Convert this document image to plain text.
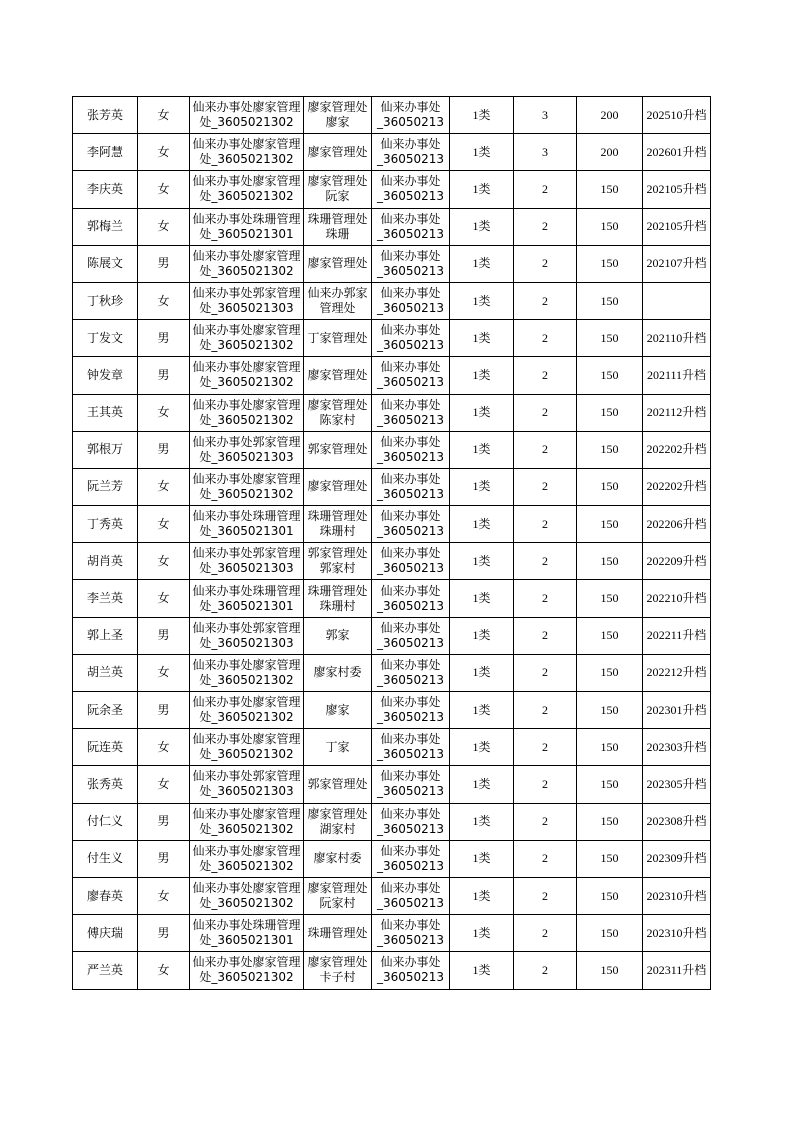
张芳英	女	仙来办事处廖家管理处_3605021302	廖家管理处廖家	仙来办事处_36050213	1类	3	200	202510升档
李阿慧	女	仙来办事处廖家管理处_3605021302	廖家管理处	仙来办事处_36050213	1类	3	200	202601升档
李庆英	女	仙来办事处廖家管理处_3605021302	廖家管理处阮家	仙来办事处_36050213	1类	2	150	202105升档
郭梅兰	女	仙来办事处珠珊管理处_3605021301	珠珊管理处珠珊	仙来办事处_36050213	1类	2	150	202105升档
陈展文	男	仙来办事处廖家管理处_3605021302	廖家管理处	仙来办事处_36050213	1类	2	150	202107升档
丁秋珍	女	仙来办事处郭家管理处_3605021303	仙来办郭家管理处	仙来办事处_36050213	1类	2	150	
丁发文	男	仙来办事处廖家管理处_3605021302	丁家管理处	仙来办事处_36050213	1类	2	150	202110升档
钟发章	男	仙来办事处廖家管理处_3605021302	廖家管理处	仙来办事处_36050213	1类	2	150	202111升档
王其英	女	仙来办事处廖家管理处_3605021302	廖家管理处陈家村	仙来办事处_36050213	1类	2	150	202112升档
郭根万	男	仙来办事处郭家管理处_3605021303	郭家管理处	仙来办事处_36050213	1类	2	150	202202升档
阮兰芳	女	仙来办事处廖家管理处_3605021302	廖家管理处	仙来办事处_36050213	1类	2	150	202202升档
丁秀英	女	仙来办事处珠珊管理处_3605021301	珠珊管理处珠珊村	仙来办事处_36050213	1类	2	150	202206升档
胡肖英	女	仙来办事处郭家管理处_3605021303	郭家管理处郭家村	仙来办事处_36050213	1类	2	150	202209升档
李兰英	女	仙来办事处珠珊管理处_3605021301	珠珊管理处珠珊村	仙来办事处_36050213	1类	2	150	202210升档
郭上圣	男	仙来办事处郭家管理处_3605021303	郭家	仙来办事处_36050213	1类	2	150	202211升档
胡兰英	女	仙来办事处廖家管理处_3605021302	廖家村委	仙来办事处_36050213	1类	2	150	202212升档
阮余圣	男	仙来办事处廖家管理处_3605021302	廖家	仙来办事处_36050213	1类	2	150	202301升档
阮连英	女	仙来办事处廖家管理处_3605021302	丁家	仙来办事处_36050213	1类	2	150	202303升档
张秀英	女	仙来办事处郭家管理处_3605021303	郭家管理处	仙来办事处_36050213	1类	2	150	202305升档
付仁义	男	仙来办事处廖家管理处_3605021302	廖家管理处湖家村	仙来办事处_36050213	1类	2	150	202308升档
付生义	男	仙来办事处廖家管理处_3605021302	廖家村委	仙来办事处_36050213	1类	2	150	202309升档
廖春英	女	仙来办事处廖家管理处_3605021302	廖家管理处阮家村	仙来办事处_36050213	1类	2	150	202310升档
傅庆瑞	男	仙来办事处珠珊管理处_3605021301	珠珊管理处	仙来办事处_36050213	1类	2	150	202310升档
严兰英	女	仙来办事处廖家管理处_3605021302	廖家管理处卡子村	仙来办事处_36050213	1类	2	150	202311升档
